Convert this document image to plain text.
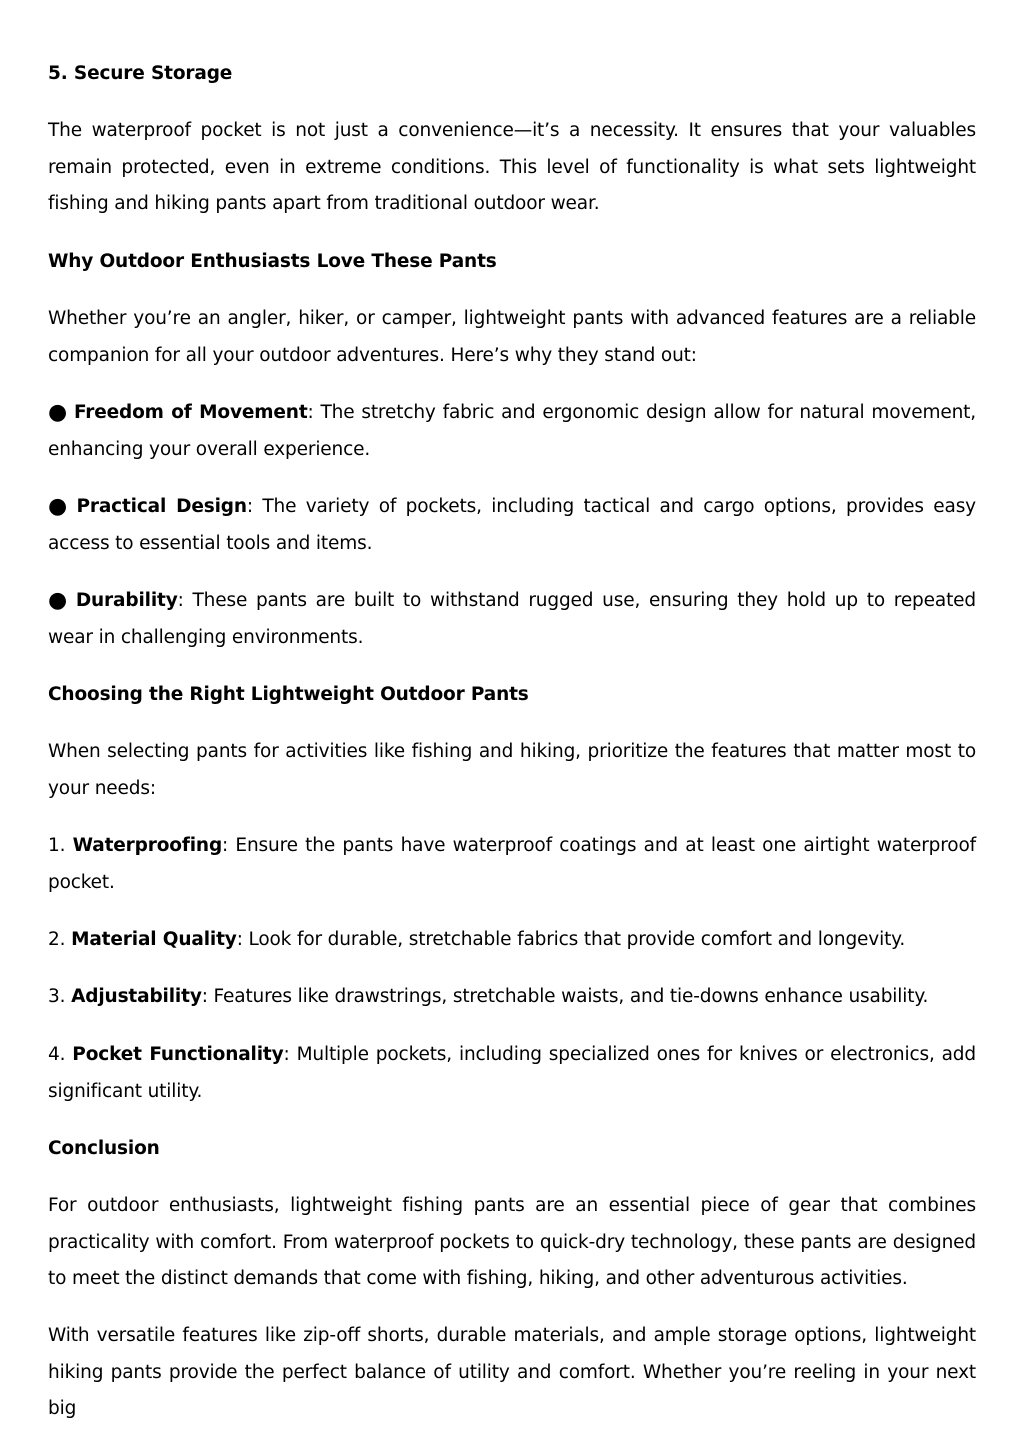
5. Secure Storage
The waterproof pocket is not just a convenience—it’s a necessity. It ensures that your valuables remain protected, even in extreme conditions. This level of functionality is what sets lightweight fishing and hiking pants apart from traditional outdoor wear.
Why Outdoor Enthusiasts Love These Pants
Whether you’re an angler, hiker, or camper, lightweight pants with advanced features are a reliable companion for all your outdoor adventures. Here’s why they stand out:
● Freedom of Movement: The stretchy fabric and ergonomic design allow for natural movement, enhancing your overall experience.
● Practical Design: The variety of pockets, including tactical and cargo options, provides easy access to essential tools and items.
● Durability: These pants are built to withstand rugged use, ensuring they hold up to repeated wear in challenging environments.
Choosing the Right Lightweight Outdoor Pants
When selecting pants for activities like fishing and hiking, prioritize the features that matter most to your needs:
1. Waterproofing: Ensure the pants have waterproof coatings and at least one airtight waterproof pocket.
2. Material Quality: Look for durable, stretchable fabrics that provide comfort and longevity.
3. Adjustability: Features like drawstrings, stretchable waists, and tie-downs enhance usability.
4. Pocket Functionality: Multiple pockets, including specialized ones for knives or electronics, add significant utility.
Conclusion
For outdoor enthusiasts, lightweight fishing pants are an essential piece of gear that combines practicality with comfort. From waterproof pockets to quick-dry technology, these pants are designed to meet the distinct demands that come with fishing, hiking, and other adventurous activities.
With versatile features like zip-off shorts, durable materials, and ample storage options, lightweight hiking pants provide the perfect balance of utility and comfort. Whether you’re reeling in your next big
